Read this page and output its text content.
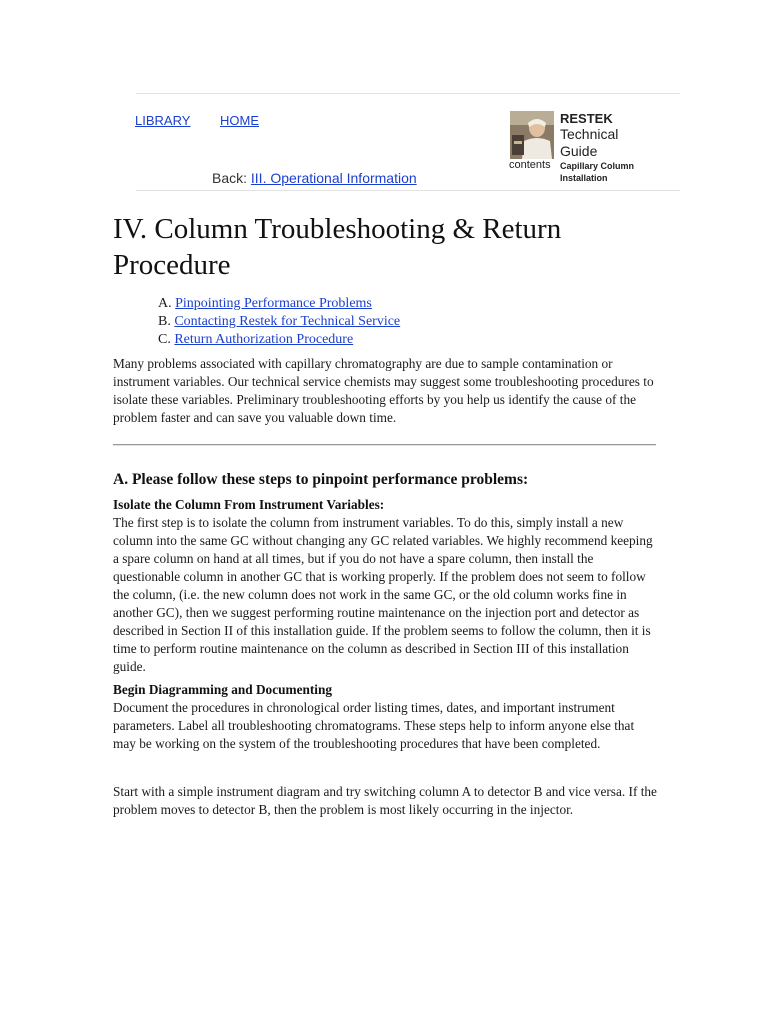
LIBRARY HOME
contents
RESTEK
Technical
Guide
Capillary Column
Installation
Back: III. Operational Information
IV. Column Troubleshooting & Return Procedure
A. Pinpointing Performance Problems
B. Contacting Restek for Technical Service
C. Return Authorization Procedure

Many problems associated with capillary chromatography are due to sample contamination or instrument variables. Our technical service chemists may suggest some troubleshooting procedures to isolate these variables. Preliminary troubleshooting efforts by you help us identify the cause of the problem faster and can save you valuable down time.

A. Please follow these steps to pinpoint performance problems:
Isolate the Column From Instrument Variables:

The first step is to isolate the column from instrument variables. To do this, simply install a new column into the same GC without changing any GC related variables. We highly recommend keeping a spare column on hand at all times, but if you do not have a spare column, then install the questionable column in another GC that is working properly. If the problem does not seem to follow the column, (i.e. the new column does not work in the same GC, or the old column works fine in another GC), then we suggest performing routine maintenance on the injection port and detector as described in Section II of this installation guide. If the problem seems to follow the column, then it is time to perform routine maintenance on the column as described in Section III of this installation guide.

Begin Diagramming and Documenting

Document the procedures in chronological order listing times, dates, and important instrument parameters. Label all troubleshooting chromatograms. These steps help to inform anyone else that may be working on the system of the troubleshooting procedures that have been completed.

Start with a simple instrument diagram and try switching column A to detector B and vice versa. If the problem moves to detector B, then the problem is most likely occurring in the injector.
